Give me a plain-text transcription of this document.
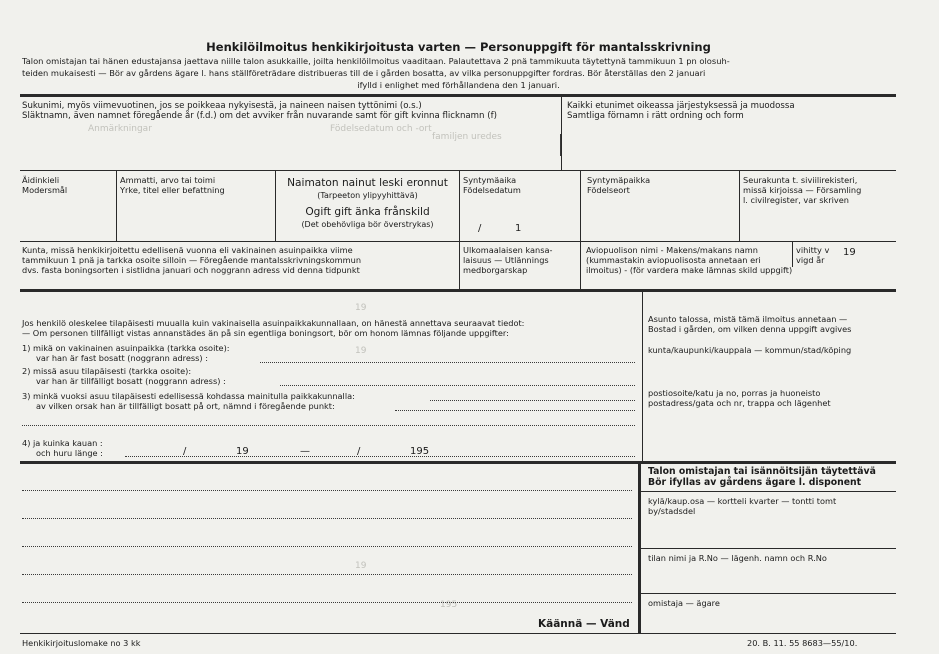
Födelsedatum och -ort
Anmärkningar
familjen uredes
19
19
19
195
Henkilöilmoitus henkikirjoitusta varten — Personuppgift för mantalsskrivning
Talon omistajan tai hänen edustajansa jaettava niille talon asukkaille, joilta henkilöilmoitus vaaditaan. Palautettava 2 pnä tammikuuta täytettynä tammikuun 1 pn olosuh-
teiden mukaisesti — Bör av gårdens ägare l. hans ställföreträdare distribueras till de i gården bosatta, av vilka personuppgifter fordras. Bör återställas den 2 januari
ifylld i enlighet med förhållandena den 1 januari.
Sukunimi, myös viimevuotinen, jos se poikkeaa nykyisestä, ja naineen naisen tyttönimi (o.s.)
Släktnamn, även namnet föregående år (f.d.) om det avviker från nuvarande samt för gift kvinna flicknamn (f)
Kaikki etunimet oikeassa järjestyksessä ja muodossa
Samtliga förnamn i rätt ordning och form
Äidinkieli
Modersmål
Ammatti, arvo tai toimi
Yrke, titel eller befattning
Naimaton nainut leski eronnut
(Tarpeeton ylipyyhittävä)
Ogift gift änka frånskild
(Det obehövliga bör överstrykas)
Syntymäaika
Födelsedatum
/	1
Syntymäpaikka
Födelseort
Seurakunta t. siviilirekisteri,
missä kirjoissa — Församling
l. civilregister, var skriven
Kunta, missä henkikirjoitettu edellisenä vuonna eli vakinainen asuinpaikka viime
tammikuun 1 pnä ja tarkka osoite silloin — Föregående mantalsskrivningskommun
dvs. fasta boningsorten i sistlidna januari och noggrann adress vid denna tidpunkt
Ulkomaalaisen kansa-
laisuus — Utlännings
medborgarskap
Aviopuolison nimi - Makens/makans namn
(kummastakin aviopuolisosta annetaan eri
ilmoitus) - (för vardera make lämnas skild uppgift)
vihitty v
vigd år
19
Jos henkilö oleskelee tilapäisesti muualla kuin vakinaisella asuinpaikkakunnallaan, on hänestä annettava seuraavat tiedot:
— Om personen tillfälligt vistas annanstädes än på sin egentliga boningsort, bör om honom lämnas följande uppgifter:
1) mikä on vakinainen asuinpaikka (tarkka osoite):
var han är fast bosatt (noggrann adress) :
2) missä asuu tilapäisesti (tarkka osoite):
var han är tillfälligt bosatt (noggrann adress) :
3) minkä vuoksi asuu tilapäisesti edellisessä kohdassa mainitulla paikkakunnalla:
av vilken orsak han är tillfälligt bosatt på ort, nämnd i föregående punkt:
4) ja kuinka kauan :
och huru länge :	/	19	—	/	195
Asunto talossa, mistä tämä ilmoitus annetaan —
Bostad i gården, om vilken denna uppgift avgives
kunta/kaupunki/kauppala — kommun/stad/köping
postiosoite/katu ja no, porras ja huoneisto
postadress/gata och nr, trappa och lägenhet
Talon omistajan tai isännöitsijän täytettävä
Bör ifyllas av gårdens ägare l. disponent
kylä/kaup.osa — kortteli kvarter — tontti tomt
by/stadsdel
tilan nimi ja R.No — lägenh. namn och R.No
omistaja — ägare
Käännä — Vänd
Henkikirjoituslomake no 3 kk	20. B. 11. 55 8683—55/10.
